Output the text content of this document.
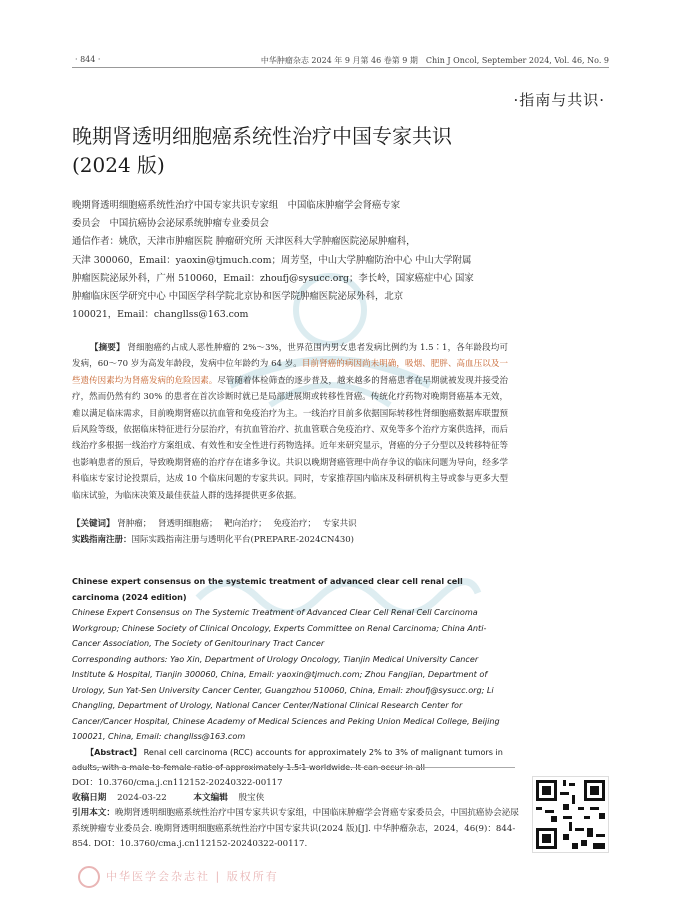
· 844 ·	中华肿瘤杂志 2024 年 9 月第 46 卷第 9 期　Chin J Oncol, September 2024, Vol. 46, No. 9
·指南与共识·
晚期肾透明细胞癌系统性治疗中国专家共识(2024 版)

晚期肾透明细胞癌系统性治疗中国专家共识专家组　中国临床肿瘤学会肾癌专家

委员会　中国抗癌协会泌尿系统肿瘤专业委员会

通信作者：姚欣，天津市肿瘤医院 肿瘤研究所 天津医科大学肿瘤医院泌尿肿瘤科，

天津 300060，Email：yaoxin@tjmuch.com；周芳坚，中山大学肿瘤防治中心 中山大学附属

肿瘤医院泌尿外科，广州 510060，Email：zhoufj@sysucc.org；李长岭，国家癌症中心 国家

肿瘤临床医学研究中心 中国医学科学院北京协和医学院肿瘤医院泌尿外科，北京

100021，Email：changllss@163.com

【摘要】 肾细胞癌约占成人恶性肿瘤的 2%～3%，世界范围内男女患者发病比例约为 1.5∶1，各年龄段均可发病，60～70 岁为高发年龄段，发病中位年龄约为 64 岁。目前肾癌的病因尚未明确，吸烟、肥胖、高血压以及一些遗传因素均为肾癌发病的危险因素。尽管随着体检筛查的逐步普及，越来越多的肾癌患者在早期就被发现并接受治疗，然而仍然有约 30% 的患者在首次诊断时就已是局部进展期或转移性肾癌。传统化疗药物对晚期肾癌基本无效，难以满足临床需求，目前晚期肾癌以抗血管和免疫治疗为主。一线治疗目前多依据国际转移性肾细胞癌数据库联盟预后风险等级，依据临床特征进行分层治疗，有抗血管治疗、抗血管联合免疫治疗、双免等多个治疗方案供选择，而后线治疗多根据一线治疗方案组成、有效性和安全性进行药物选择。近年来研究显示，肾癌的分子分型以及转移特征等也影响患者的预后，导致晚期肾癌的治疗存在诸多争议。共识以晚期肾癌管理中尚存争议的临床问题为导向，经多学科临床专家讨论投票后，达成 10 个临床问题的专家共识。同时，专家推荐国内临床及科研机构主导或参与更多大型临床试验，为临床决策及最佳获益人群的选择提供更多依据。
【关键词】 肾肿瘤； 肾透明细胞癌； 靶向治疗； 免疫治疗； 专家共识
实践指南注册：国际实践指南注册与透明化平台(PREPARE-2024CN430)
Chinese expert consensus on the systemic treatment of advanced clear cell renal cell carcinoma (2024 edition)
Chinese Expert Consensus on The Systemic Treatment of Advanced Clear Cell Renal Cell Carcinoma Workgroup; Chinese Society of Clinical Oncology, Experts Committee on Renal Carcinoma; China Anti-Cancer Association, The Society of Genitourinary Tract Cancer
Corresponding authors: Yao Xin, Department of Urology Oncology, Tianjin Medical University Cancer Institute & Hospital, Tianjin 300060, China, Email: yaoxin@tjmuch.com; Zhou Fangjian, Department of Urology, Sun Yat-Sen University Cancer Center, Guangzhou 510060, China, Email: zhoufj@sysucc.org; Li Changling, Department of Urology, National Cancer Center/National Clinical Research Center for Cancer/Cancer Hospital, Chinese Academy of Medical Sciences and Peking Union Medical College, Beijing 100021, China, Email: changllss@163.com
【Abstract】 Renal cell carcinoma (RCC) accounts for approximately 2% to 3% of malignant tumors in adults, with a male-to-female ratio of approximately 1.5∶1 worldwide. It can occur in all
DOI：10.3760/cma.j.cn112152-20240322-00117
收稿日期 2024-03-22	本文编辑 殷宝侠
引用本文：晚期肾透明细胞癌系统性治疗中国专家共识专家组，中国临床肿瘤学会肾癌专家委员会，中国抗癌协会泌尿系统肿瘤专业委员会. 晚期肾透明细胞癌系统性治疗中国专家共识(2024 版)[J]. 中华肿瘤杂志，2024，46(9)：844-854. DOI：10.3760/cma.j.cn112152-20240322-00117.
中华医学会杂志社 | 版权所有
